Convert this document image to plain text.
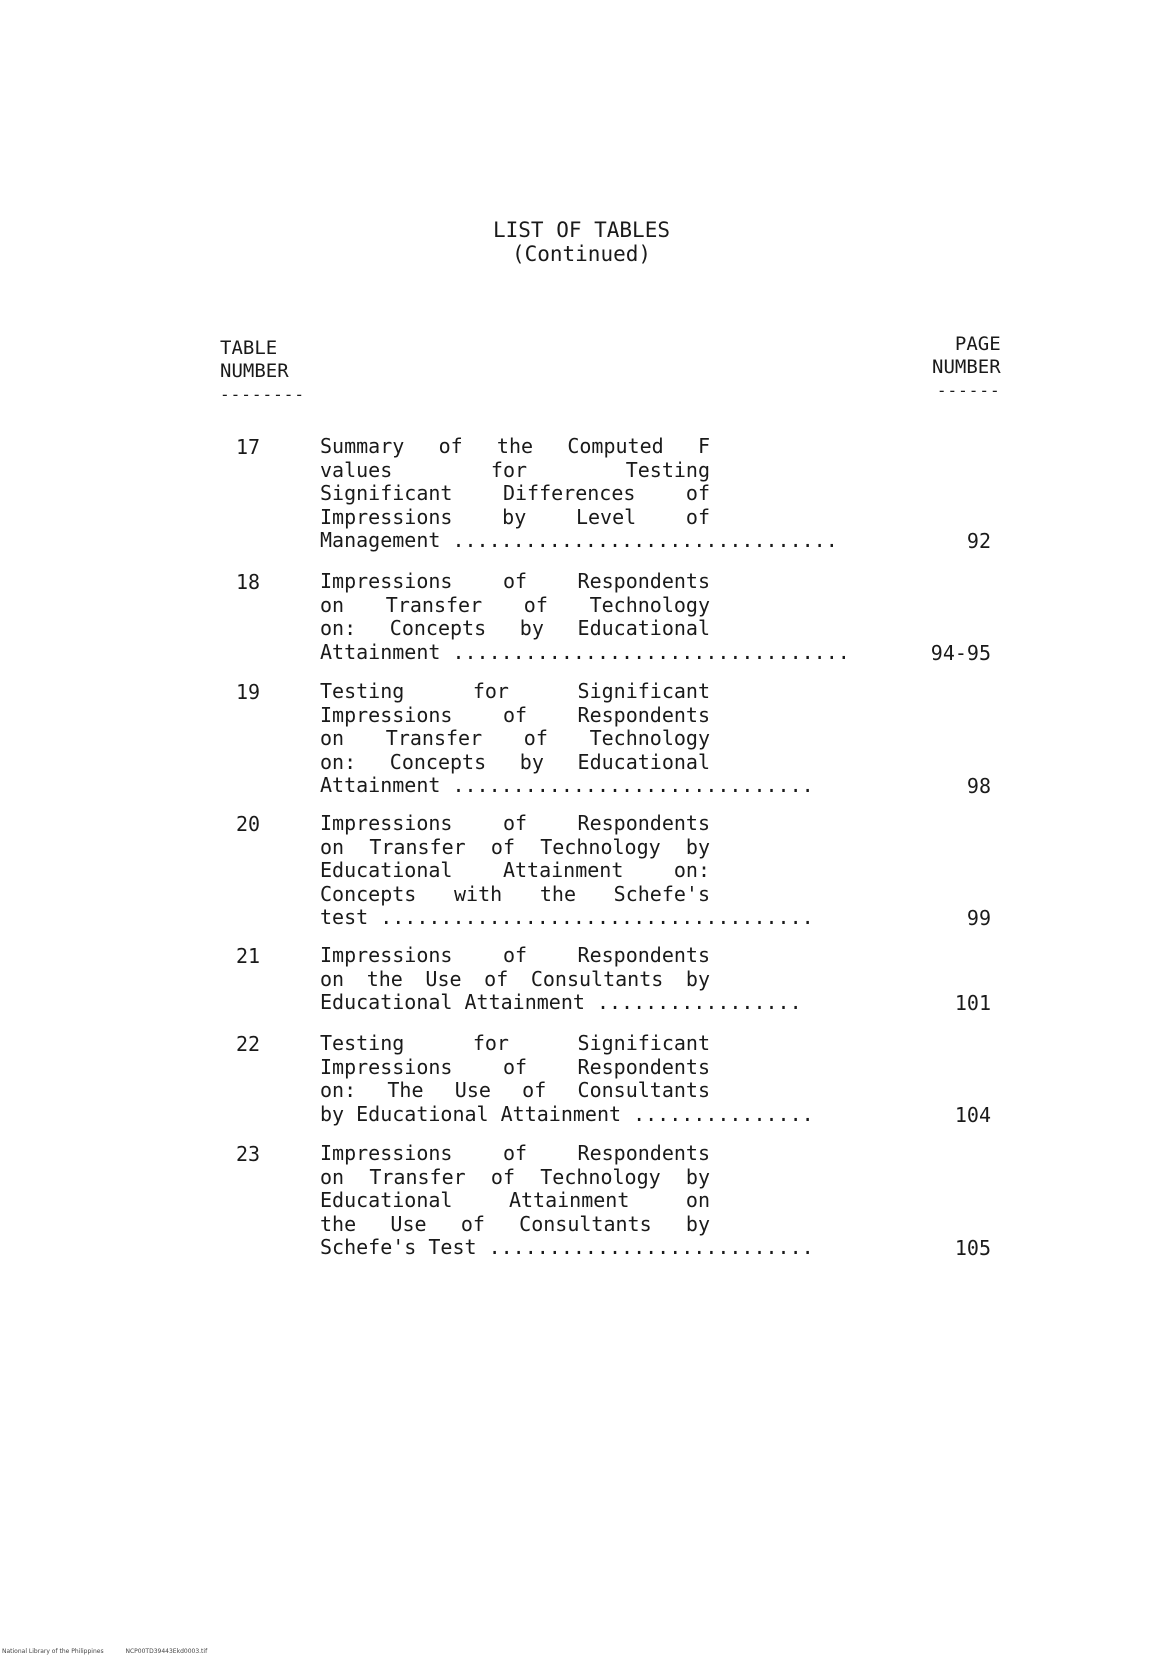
LIST OF TABLES
(Continued)
TABLE
NUMBER
--------
PAGE
NUMBER
------
17	Summary of the Computed F
values for Testing
Significant Differences of
Impressions by Level of
Management ................................	92
18	Impressions of Respondents
on Transfer of Technology
on: Concepts by Educational
Attainment .................................	94-95
19	Testing for Significant
Impressions of Respondents
on Transfer of Technology
on: Concepts by Educational
Attainment ..............................	98
20	Impressions of Respondents
on Transfer of Technology by
Educational Attainment on:
Concepts with the Schefe's
test ....................................	99
21	Impressions of Respondents
on the Use of Consultants by
Educational Attainment .................	101
22	Testing for Significant
Impressions of Respondents
on: The Use of Consultants
by Educational Attainment ...............	104
23	Impressions of Respondents
on Transfer of Technology by
Educational Attainment on
the Use of Consultants by
Schefe's Test ...........................	105
National Library of the Philippines	NCP00TD39443Ekd0003.tif
